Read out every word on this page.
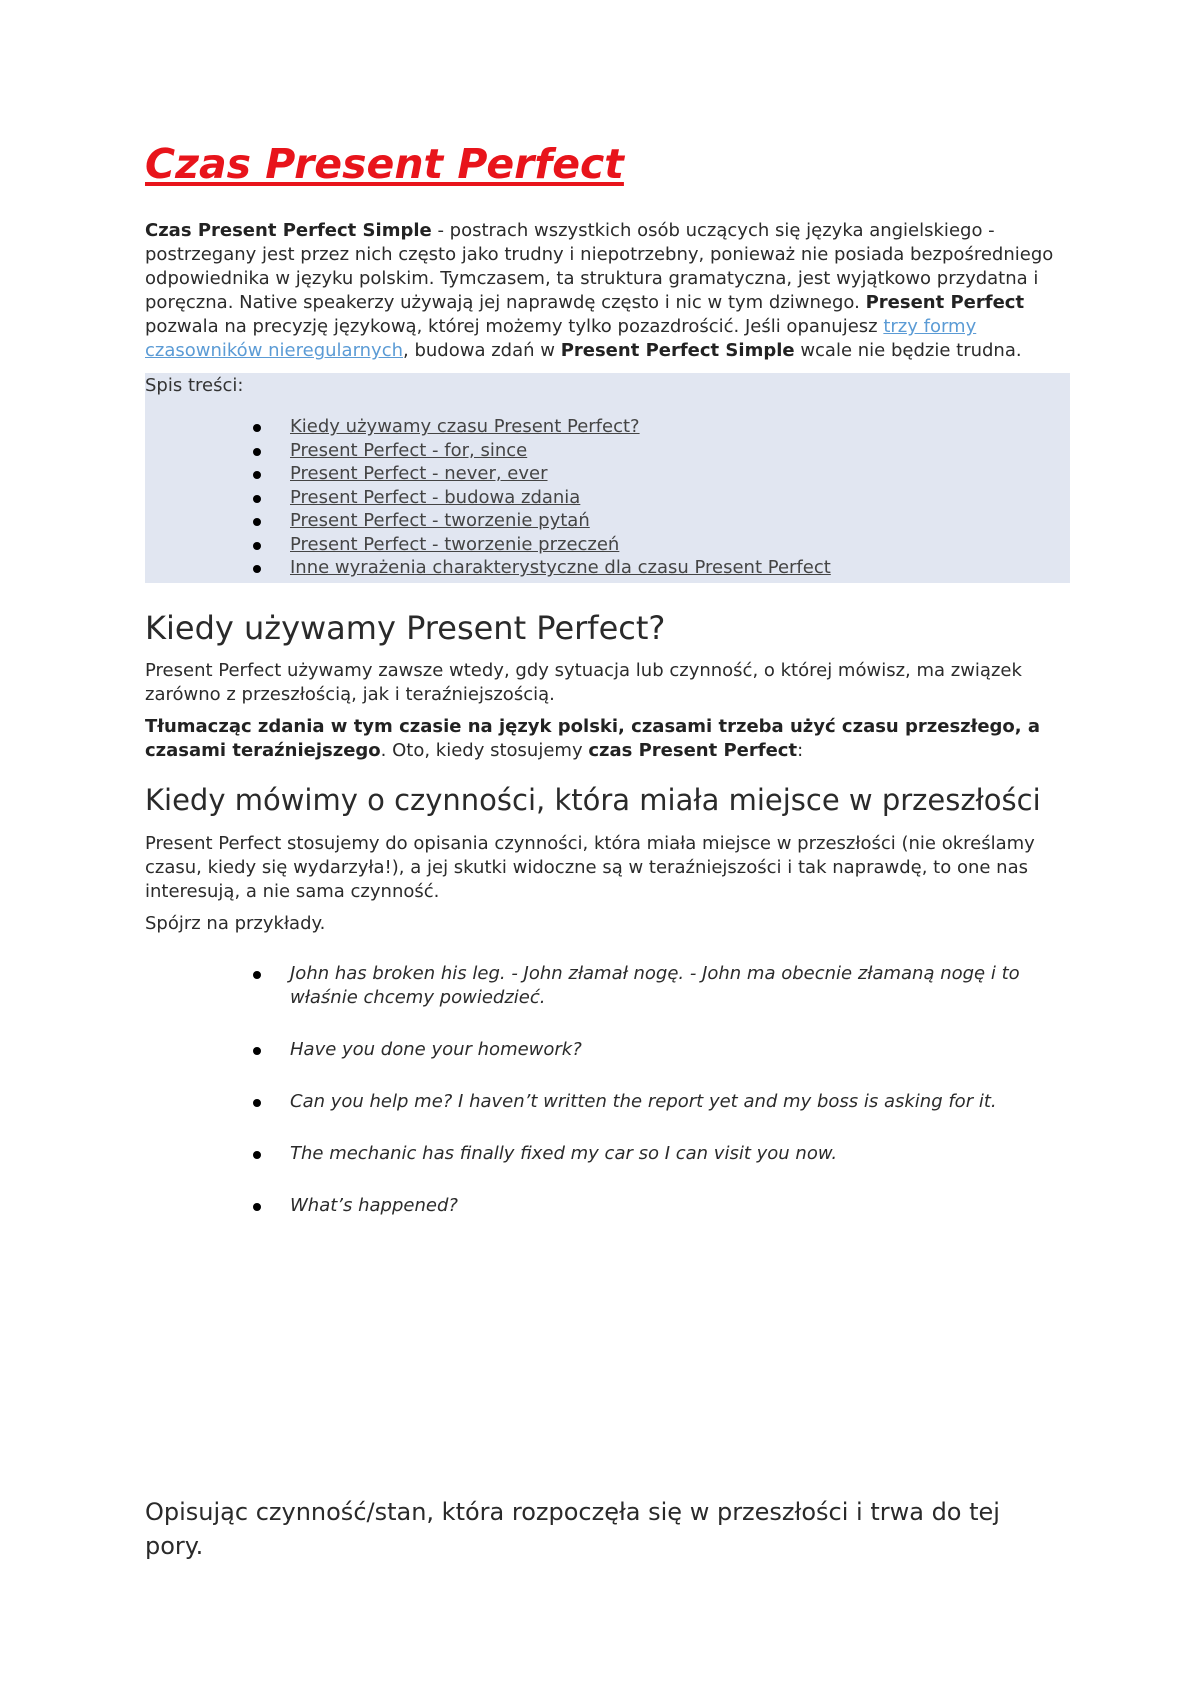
Czas Present Perfect

Czas Present Perfect Simple - postrach wszystkich osób uczących się języka angielskiego - postrzegany jest przez nich często jako trudny i niepotrzebny, ponieważ nie posiada bezpośredniego odpowiednika w języku polskim. Tymczasem, ta struktura gramatyczna, jest wyjątkowo przydatna i poręczna. Native speakerzy używają jej naprawdę często i nic w tym dziwnego. Present Perfect pozwala na precyzję językową, której możemy tylko pozazdrościć. Jeśli opanujesz trzy formy czasowników nieregularnych, budowa zdań w Present Perfect Simple wcale nie będzie trudna.

Spis treści:
Kiedy używamy czasu Present Perfect?
Present Perfect - for, since
Present Perfect - never, ever
Present Perfect - budowa zdania
Present Perfect - tworzenie pytań
Present Perfect - tworzenie przeczeń
Inne wyrażenia charakterystyczne dla czasu Present Perfect
Kiedy używamy Present Perfect?

Present Perfect używamy zawsze wtedy, gdy sytuacja lub czynność, o której mówisz, ma związek zarówno z przeszłością, jak i teraźniejszością.

Tłumacząc zdania w tym czasie na język polski, czasami trzeba użyć czasu przeszłego, a czasami teraźniejszego. Oto, kiedy stosujemy czas Present Perfect:

Kiedy mówimy o czynności, która miała miejsce w przeszłości

Present Perfect stosujemy do opisania czynności, która miała miejsce w przeszłości (nie określamy czasu, kiedy się wydarzyła!), a jej skutki widoczne są w teraźniejszości i tak naprawdę, to one nas interesują, a nie sama czynność.

Spójrz na przykłady.

John has broken his leg. - John złamał nogę. - John ma obecnie złamaną nogę i to właśnie chcemy powiedzieć.
Have you done your homework?
Can you help me? I haven’t written the report yet and my boss is asking for it.
The mechanic has finally fixed my car so I can visit you now.
What’s happened?
Opisując czynność/stan, która rozpoczęła się w przeszłości i trwa do tej pory.
